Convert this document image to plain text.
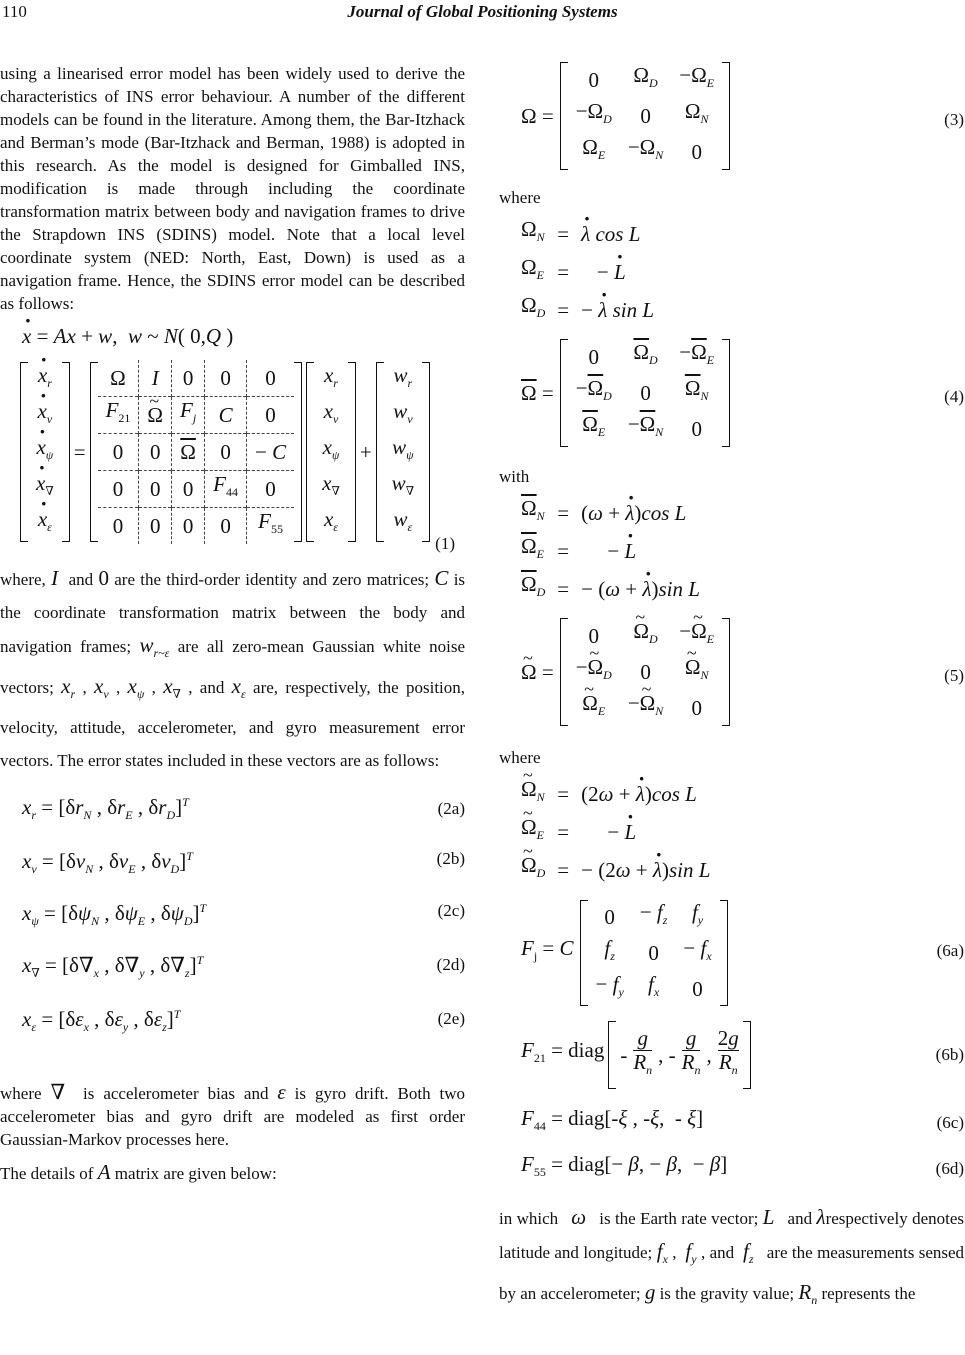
110	Journal of Global Positioning Systems

using a linearised error model has been widely used to derive the characteristics of INS error behaviour. A number of the different models can be found in the literature. Among them, the Bar-Itzhack and Berman’s mode (Bar-Itzhack and Berman, 1988) is adopted in this research. As the model is designed for Gimballed INS, modification is made through including the coordinate transformation matrix between body and navigation frames to drive the Strapdown INS (SDINS) model. Note that a local level coordinate system (NED: North, East, Down) is used as a navigation frame. Hence, the SDINS error model can be described as follows:

· x = Ax + w,  w ~ N( 0,Q )
· $x_r$
· $x_v$
· $x_\psi$
· $x_\nabla$
· $x_\varepsilon$
=
Ω	I	0	0	0
$F_{21}$	~ Ω	$F_j$	C	0
0	0	$\overline{\Omega}$	0	− C
0	0	0	$F_{44}$	0
0	0	0	0	$F_{55}$
$x_r$
$x_v$
$x_\psi$
$x_\nabla$
$x_\varepsilon$
+
$w_r$
$w_v$
$w_\psi$
$w_\nabla$
$w_\varepsilon$
(1)
where, I and 0 are the third-order identity and zero matrices; C is the coordinate transformation matrix between the body and navigation frames; $w_{r\sim\varepsilon}$ are all zero-mean Gaussian white noise vectors; $x_r$ , $x_v$ , $x_\psi$ , $x_\nabla$ , and $x_\varepsilon$ are, respectively, the position, velocity, attitude, accelerometer, and gyro measurement error vectors. The error states included in these vectors are as follows:
$x_r = [\delta r_N$ , $\delta r_E$ , $\delta r_D]^T$	(2a)
$x_v = [\delta v_N$ , $\delta v_E$ , $\delta v_D]^T$	(2b)
$x_\psi = [\delta\psi_N$ , $\delta\psi_E$ , $\delta\psi_D]^T$	(2c)
$x_\nabla = [\delta\nabla_x$ , $\delta\nabla_y$ , $\delta\nabla_z]^T$	(2d)
$x_\varepsilon = [\delta\varepsilon_x$ , $\delta\varepsilon_y$ , $\delta\varepsilon_z]^T$	(2e)
where ∇ is accelerometer bias and ε is gyro drift. Both two accelerometer bias and gyro drift are modeled as first order Gaussian-Markov processes here.
The details of A matrix are given below:
Ω =
0	$\Omega_D$	$-\Omega_E$
$-\Omega_D$	0	$\Omega_N$
$\Omega_E$	$-\Omega_N$	0
(3)
where
$\Omega_N$	=	· λ cos L
$\Omega_E$	=	− · L
$\Omega_D$	=	− · λ sin L
$\overline{\Omega}$ =
0	$\overline{\Omega}_D$	$-\overline{\Omega}_E$
$-\overline{\Omega}_D$	0	$\overline{\Omega}_N$
$\overline{\Omega}_E$	$-\overline{\Omega}_N$	0
(4)
with
$\overline{\Omega}_N$	=	(ω + · λ)cos L
$\overline{\Omega}_E$	=	− · L
$\overline{\Omega}_D$	=	− (ω + · λ)sin L
~ Ω =
0	~ $\Omega_D$	−~ $\Omega_E$
−~ $\Omega_D$	0	~ $\Omega_N$
~ $\Omega_E$	−~ $\Omega_N$	0
(5)
where
~ $\Omega_N$	=	(2ω + · λ)cos L
~ $\Omega_E$	=	− · L
~ $\Omega_D$	=	− (2ω + · λ)sin L
$F_j = C$
0	− $f_z$	$f_y$
$f_z$	0	− $f_x$
− $f_y$	$f_x$	0
(6a)
$F_{21}$ = diag -
g
$R_n$
, -
g
$R_n$
,
2g
$R_n$
(6b)
$F_{44}$ = diag[-ξ , -ξ,  - ξ]	(6c)
$F_{55}$ = diag[− β, − β,  − β]	(6d)
in which ω is the Earth rate vector; L and λrespectively denotes latitude and longitude; $f_x$ ,  $f_y$ , and $f_z$ are the measurements sensed by an accelerometer; g is the gravity value; $R_n$ represents the
